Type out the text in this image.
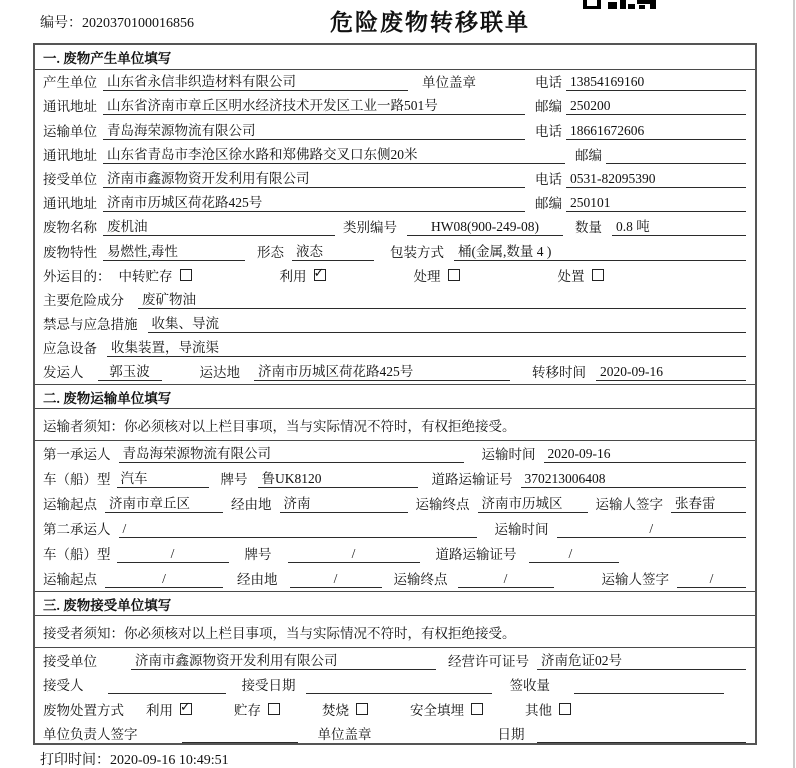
编号：2020370100016856	危险废物转移联单
一. 废物产生单位填写
产生单位 山东省永信非织造材料有限公司	单位盖章	电话 13854169160
通讯地址 山东省济南市章丘区明水经济技术开发区工业一路501号	邮编 250200
运输单位 青岛海荣源物流有限公司	电话 18661672606
通讯地址 山东省青岛市李沧区徐水路和郑佛路交叉口东侧20米	邮编
接受单位 济南市鑫源物资开发利用有限公司	电话 0531-82095390
通讯地址 济南市历城区荷花路425号	邮编 250101
废物名称 废机油	类别编号	HW08(900-249-08)	数量 0.8 吨
废物特性 易燃性,毒性	形态 液态	包装方式 桶(金属,数量 4 )
外运目的： 中转贮存	利用 ✓	处理	处置
主要危险成分 废矿物油
禁忌与应急措施 收集、导流
应急设备 收集装置，导流渠
发运人	郭玉波	运达地 济南市历城区荷花路425号	转移时间 2020-09-16
二. 废物运输单位填写
运输者须知：你必须核对以上栏目事项，当与实际情况不符时，有权拒绝接受。
第一承运人 青岛海荣源物流有限公司	运输时间 2020-09-16
车（船）型 汽车	牌号 鲁UK8120	道路运输证号 370213006408
运输起点 济南市章丘区	经由地 济南	运输终点 济南市历城区	运输人签字 张春雷
第二承运人 /	运输时间	/
车（船）型	/	牌号	/	道路运输证号	/
运输起点	/	经由地	/	运输终点	/	运输人签字	/
三. 废物接受单位填写
接受者须知：你必须核对以上栏目事项，当与实际情况不符时，有权拒绝接受。
接受单位	济南市鑫源物资开发利用有限公司	经营许可证号 济南危证02号
接受人	接受日期	签收量
废物处置方式 利用 ✓	贮存	焚烧	安全填埋	其他
单位负责人签字	单位盖章	日期
打印时间：2020-09-16 10:49:51
